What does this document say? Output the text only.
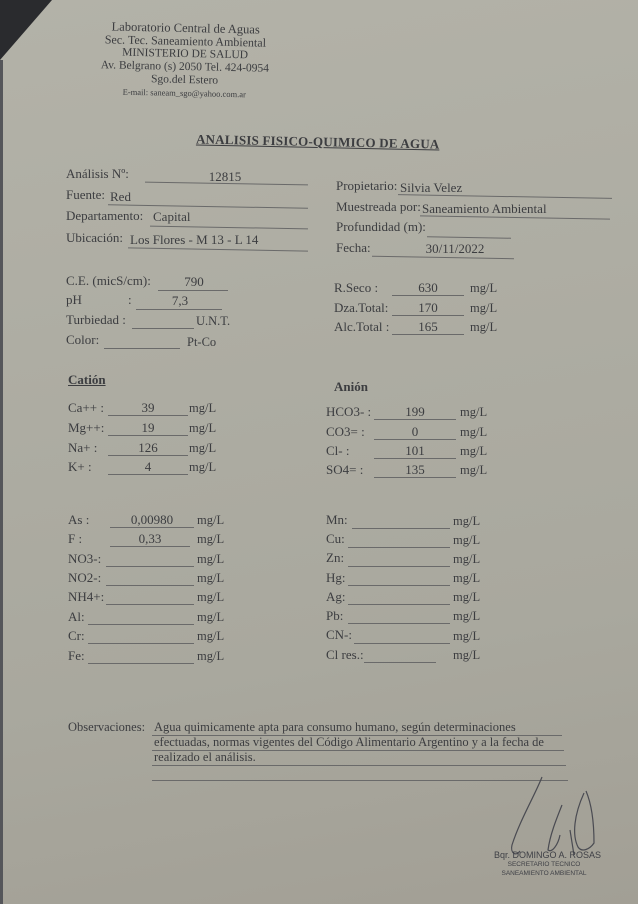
Laboratorio Central de Aguas
Sec. Tec. Saneamiento Ambiental
MINISTERIO DE SALUD
Av. Belgrano (s) 2050 Tel. 424-0954
Sgo.del Estero
E-mail: saneam_sgo@yahoo.com.ar
ANALISIS FISICO-QUIMICO DE AGUA
Análisis Nº:	12815
Fuente: Red
Departamento: Capital
Ubicación: Los Flores - M 13 - L 14
Propietario: Silvia Velez
Muestreada por: Saneamiento Ambiental
Profundidad (m):
Fecha:	30/11/2022
C.E. (micS/cm):	790
pH	:	7,3
Turbiedad :	U.N.T.
Color:	Pt-Co
R.Seco :	630	mg/L
Dza.Total:	170	mg/L
Alc.Total :	165	mg/L
Catión
Ca++ :	39	mg/L
Mg++:	19	mg/L
Na+ :	126	mg/L
K+ :	4	mg/L
Anión
HCO3- :	199	mg/L
CO3= :	0	mg/L
Cl- :	101	mg/L
SO4= :	135	mg/L
As :	0,00980	mg/L
F :	0,33	mg/L
NO3-:	mg/L
NO2-:	mg/L
NH4+:	mg/L
Al:	mg/L
Cr:	mg/L
Fe:	mg/L
Mn:	mg/L
Cu:	mg/L
Zn:	mg/L
Hg:	mg/L
Ag:	mg/L
Pb:	mg/L
CN-:	mg/L
Cl res.:	mg/L
Observaciones: Agua quimicamente apta para consumo humano, según determinaciones
efectuadas, normas vigentes del Código Alimentario Argentino y a la fecha de
realizado el análisis.
Bqr. DOMINGO A. ROSAS
SECRETARIO TECNICO
SANEAMIENTO AMBIENTAL
